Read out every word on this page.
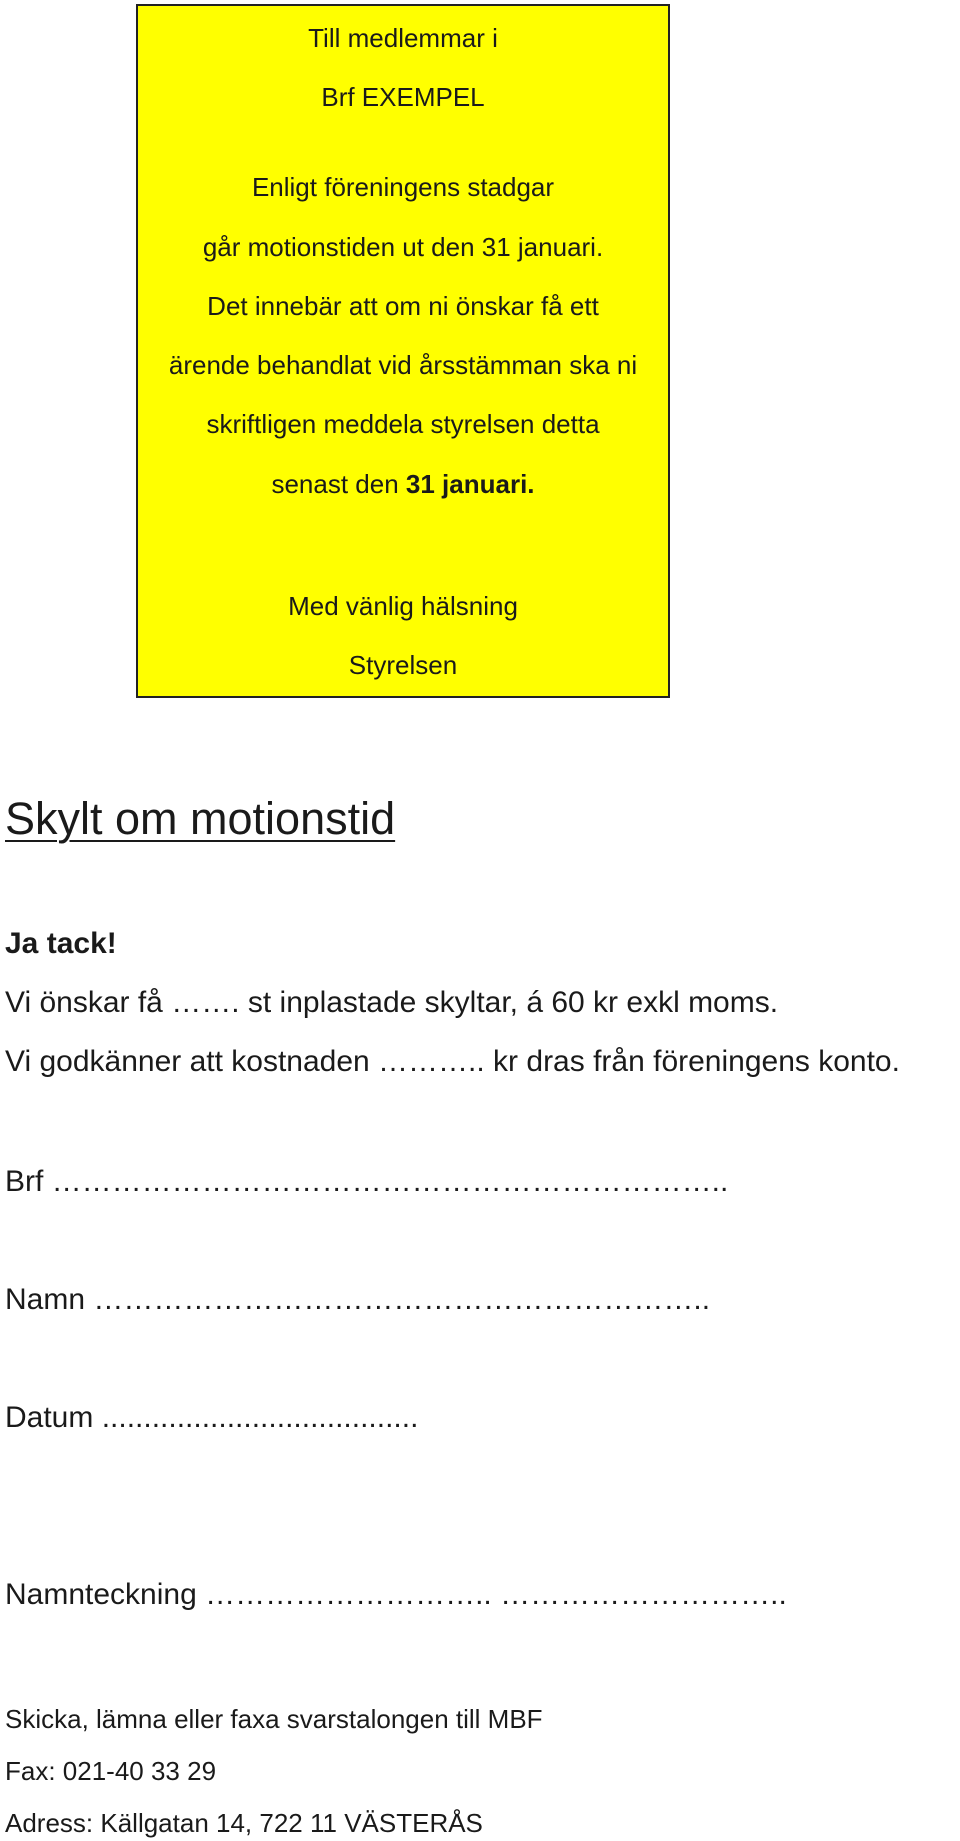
Till medlemmar i
Brf EXEMPEL
Enligt föreningens stadgar
går motionstiden ut den 31 januari.
Det innebär att om ni önskar få ett
ärende behandlat vid årsstämman ska ni
skriftligen meddela styrelsen detta
senast den 31 januari.
Med vänlig hälsning
Styrelsen
Skylt om motionstid
Ja tack!
Vi önskar få ……. st inplastade skyltar, á 60 kr exkl moms.
Vi godkänner att kostnaden ……….. kr dras från föreningens konto.
Brf …………………………………………………………..
Namn ……………………………………………………..
Datum ......................................
Namnteckning ……………………….. ………………………..
Skicka, lämna eller faxa svarstalongen till MBF
Fax: 021-40 33 29
Adress: Källgatan 14, 722 11 VÄSTERÅS
